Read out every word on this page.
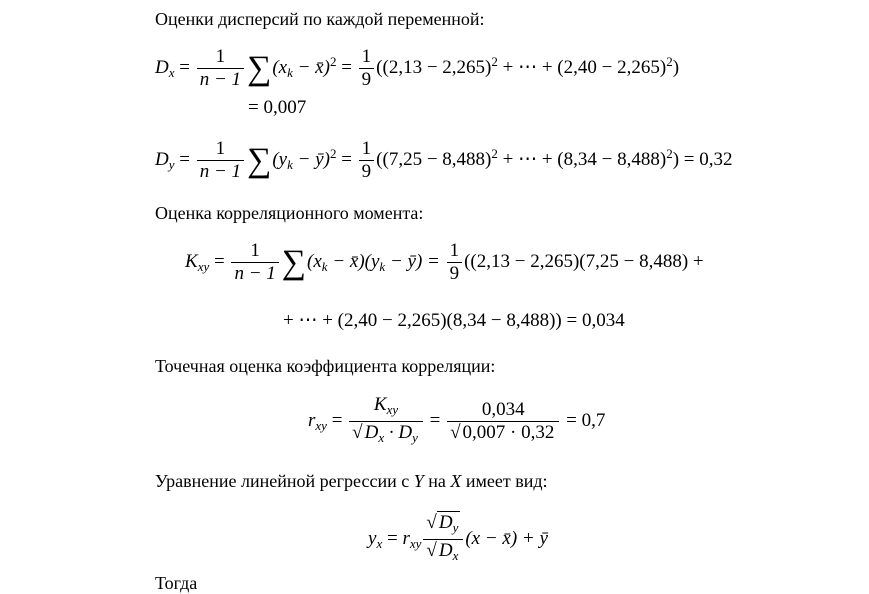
Оценки дисперсий по каждой переменной:
$D_x = \frac{1}{n - 1} \sum(x_k$ − x̄)$^2$ = $\frac{1}{9} ((2,13 - 2,265)^2$ + ⋯ + $(2,40 - 2,265)^2$)
= 0,007
$D_y = \frac{1}{n - 1} \sum(y_k$ − ȳ)$^2$ = $\frac{1}{9} ((7,25 - 8,488)^2$ + ⋯ + $(8,34 - 8,488)^2) = 0,32$
Оценка корреляционного момента:
$K_{xy} = \frac{1}{n - 1} \sum(x_k$ − $x̄)(y_k$ − ȳ) = $\frac{1}{9} ((2,13 - 2,265)(7,25 - 8,488)$ +
+ ⋯ + (2,40 − 2,265)(8,34 − 8,488)) = 0,034
Точечная оценка коэффициента корреляции:
$r_{xy} = \frac{K_{xy}}{√ D_x \cdot D_y} = \frac{0,034}{√ 0,007 \cdot 0,32} = 0,7$
Уравнение линейной регрессии с Y на X имеет вид:
$y_x = r_{xy} \frac{√ D_y}{√ D_x} (x$ − x̄) + ȳ
Тогда
